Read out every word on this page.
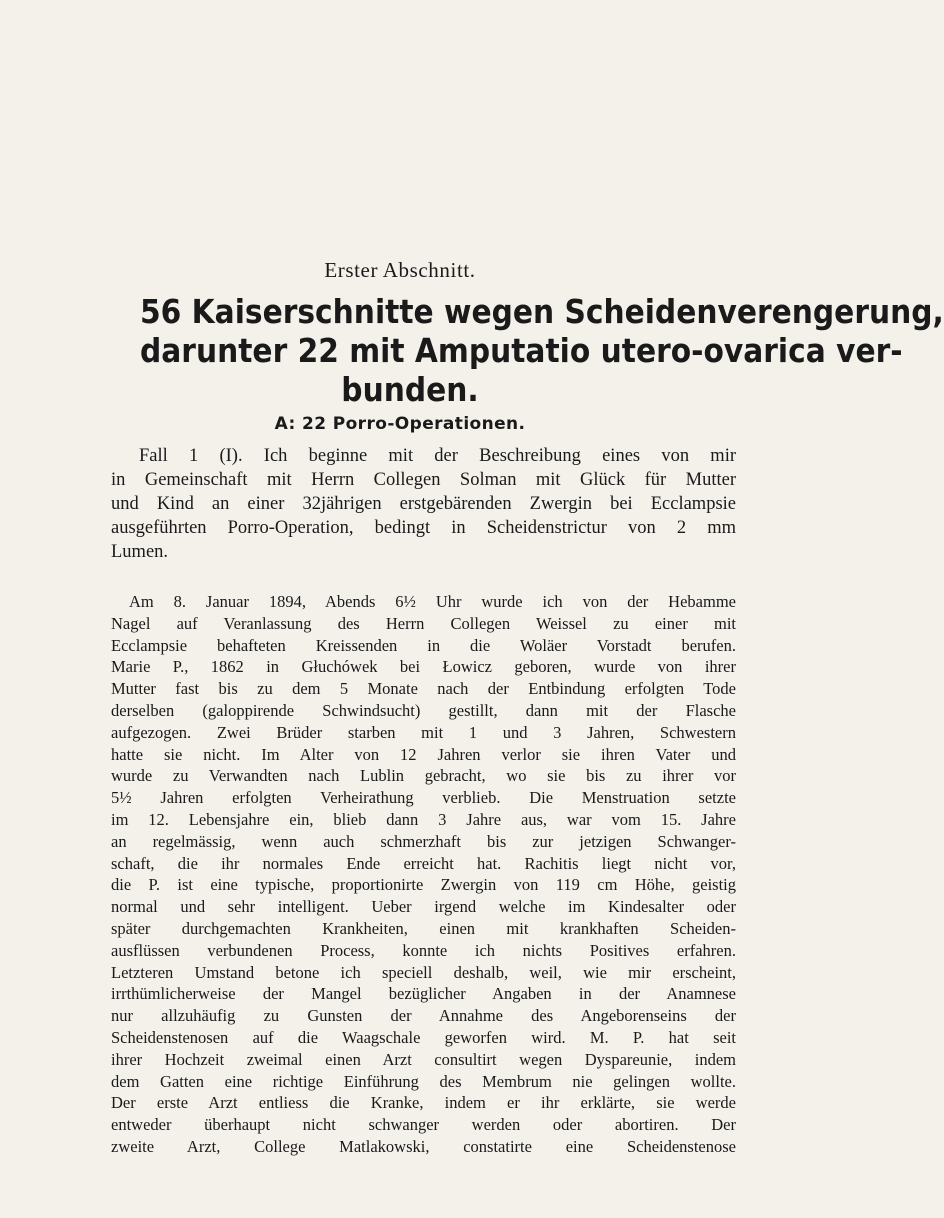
Erster Abschnitt.
56 Kaiserschnitte wegen Scheidenverengerung,
darunter 22 mit Amputatio utero-ovarica ver-
bunden.
A: 22 Porro-Operationen.
Fall 1 (I). Ich beginne mit der Beschreibung eines von mir
in Gemeinschaft mit Herrn Collegen Solman mit Glück für Mutter
und Kind an einer 32jährigen erstgebärenden Zwergin bei Ecclampsie
ausgeführten Porro-Operation, bedingt in Scheidenstrictur von 2 mm
Lumen.
Am 8. Januar 1894, Abends 6½ Uhr wurde ich von der Hebamme
Nagel auf Veranlassung des Herrn Collegen Weissel zu einer mit
Ecclampsie behafteten Kreissenden in die Woläer Vorstadt berufen.
Marie P., 1862 in Głuchówek bei Łowicz geboren, wurde von ihrer
Mutter fast bis zu dem 5 Monate nach der Entbindung erfolgten Tode
derselben (galoppirende Schwindsucht) gestillt, dann mit der Flasche
aufgezogen. Zwei Brüder starben mit 1 und 3 Jahren, Schwestern
hatte sie nicht. Im Alter von 12 Jahren verlor sie ihren Vater und
wurde zu Verwandten nach Lublin gebracht, wo sie bis zu ihrer vor
5½ Jahren erfolgten Verheirathung verblieb. Die Menstruation setzte
im 12. Lebensjahre ein, blieb dann 3 Jahre aus, war vom 15. Jahre
an regelmässig, wenn auch schmerzhaft bis zur jetzigen Schwanger-
schaft, die ihr normales Ende erreicht hat. Rachitis liegt nicht vor,
die P. ist eine typische, proportionirte Zwergin von 119 cm Höhe, geistig
normal und sehr intelligent. Ueber irgend welche im Kindesalter oder
später durchgemachten Krankheiten, einen mit krankhaften Scheiden-
ausflüssen verbundenen Process, konnte ich nichts Positives erfahren.
Letzteren Umstand betone ich speciell deshalb, weil, wie mir erscheint,
irrthümlicherweise der Mangel bezüglicher Angaben in der Anamnese
nur allzuhäufig zu Gunsten der Annahme des Angeborenseins der
Scheidenstenosen auf die Waagschale geworfen wird. M. P. hat seit
ihrer Hochzeit zweimal einen Arzt consultirt wegen Dyspareunie, indem
dem Gatten eine richtige Einführung des Membrum nie gelingen wollte.
Der erste Arzt entliess die Kranke, indem er ihr erklärte, sie werde
entweder überhaupt nicht schwanger werden oder abortiren. Der
zweite Arzt, College Matlakowski, constatirte eine Scheidenstenose
